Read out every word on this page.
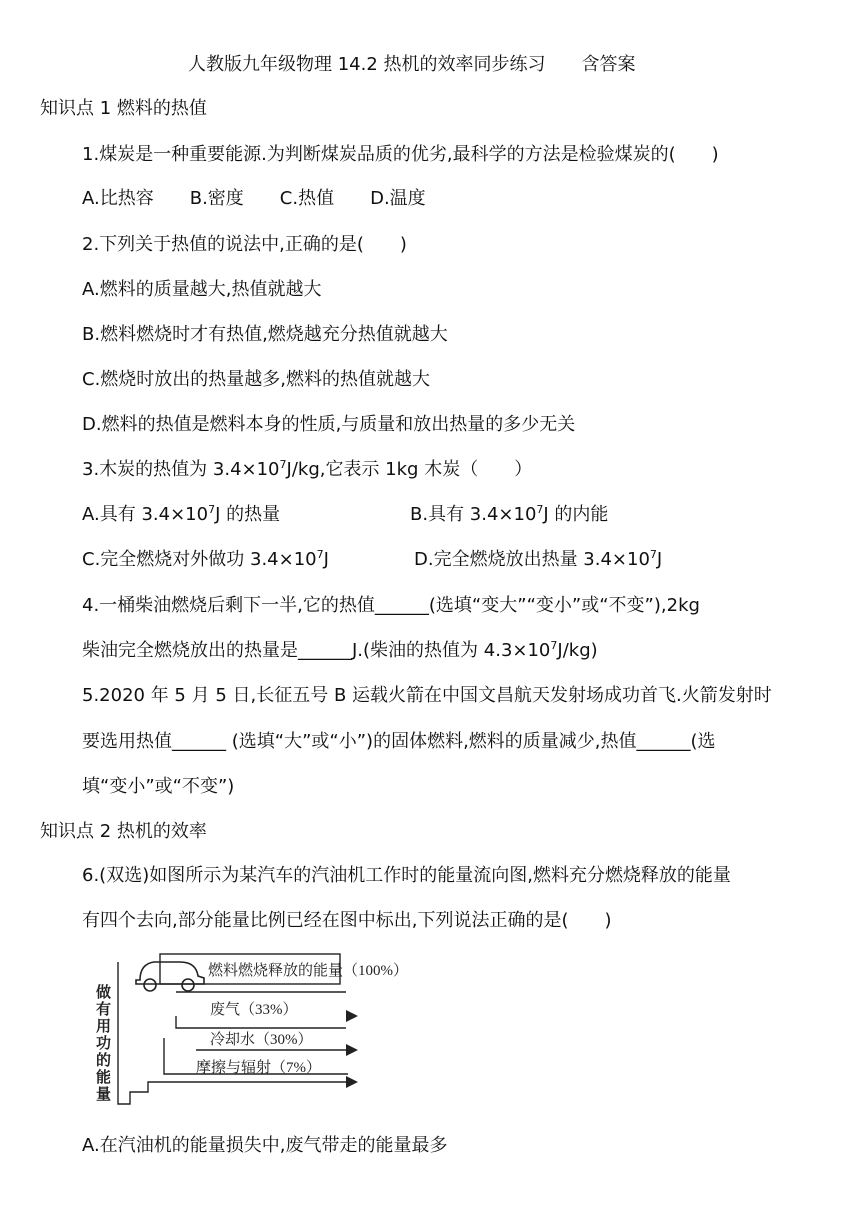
人教版九年级物理 14.2 热机的效率同步练习　　含答案
知识点 1 燃料的热值
1.煤炭是一种重要能源.为判断煤炭品质的优劣,最科学的方法是检验煤炭的(　　)
A.比热容　　B.密度　　C.热值　　D.温度
2.下列关于热值的说法中,正确的是(　　)
A.燃料的质量越大,热值就越大
B.燃料燃烧时才有热值,燃烧越充分热值就越大
C.燃烧时放出的热量越多,燃料的热值就越大
D.燃料的热值是燃料本身的性质,与质量和放出热量的多少无关
3.木炭的热值为 $3.4\times 10^7J/kg$,它表示 1kg 木炭（　　）
A.具有 $3.4\times 10^7J$ 的热量	B.具有 $3.4\times 10^7J$ 的内能
C.完全燃烧对外做功 $3.4\times 10^7J$	D.完全燃烧放出热量 $3.4\times 10^7J$
4.一桶柴油燃烧后剩下一半,它的热值______(选填“变大”“变小”或“不变”),2kg
柴油完全燃烧放出的热量是______J.(柴油的热值为 $4.3\times 10^7J/kg$)
5.2020 年 5 月 5 日,长征五号 B 运载火箭在中国文昌航天发射场成功首飞.火箭发射时
要选用热值______ (选填“大”或“小”)的固体燃料,燃料的质量减少,热值______(选
填“变小”或“不变”)
知识点 2 热机的效率
6.(双选)如图所示为某汽车的汽油机工作时的能量流向图,燃料充分燃烧释放的能量
有四个去向,部分能量比例已经在图中标出,下列说法正确的是(　　)
燃料燃烧释放的能量（100%）
废气（33%）
冷却水（30%）
摩擦与辐射（7%）
做有用功的能量
A.在汽油机的能量损失中,废气带走的能量最多
